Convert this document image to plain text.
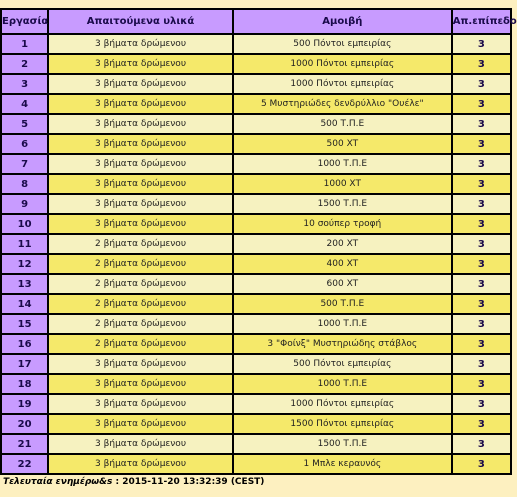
Εργασία	Απαιτούμενα υλικά	Αμοιβή	Απ.επίπεδο
1	3 βήματα δρώμενου	500 Πόντοι εμπειρίας	3
2	3 βήματα δρώμενου	1000 Πόντοι εμπειρίας	3
3	3 βήματα δρώμενου	1000 Πόντοι εμπειρίας	3
4	3 βήματα δρώμενου	5 Μυστηριώδες δενδρύλλιο "Ουέλε"	3
5	3 βήματα δρώμενου	500 Τ.Π.Ε	3
6	3 βήματα δρώμενου	500 XT	3
7	3 βήματα δρώμενου	1000 Τ.Π.Ε	3
8	3 βήματα δρώμενου	1000 XT	3
9	3 βήματα δρώμενου	1500 Τ.Π.Ε	3
10	3 βήματα δρώμενου	10 σούπερ τροφή	3
11	2 βήματα δρώμενου	200 XT	3
12	2 βήματα δρώμενου	400 XT	3
13	2 βήματα δρώμενου	600 XT	3
14	2 βήματα δρώμενου	500 Τ.Π.Ε	3
15	2 βήματα δρώμενου	1000 Τ.Π.Ε	3
16	2 βήματα δρώμενου	3 "Φοίνξ" Μυστηριώδης στάβλος	3
17	3 βήματα δρώμενου	500 Πόντοι εμπειρίας	3
18	3 βήματα δρώμενου	1000 Τ.Π.Ε	3
19	3 βήματα δρώμενου	1000 Πόντοι εμπειρίας	3
20	3 βήματα δρώμενου	1500 Πόντοι εμπειρίας	3
21	3 βήματα δρώμενου	1500 Τ.Π.Ε	3
22	3 βήματα δρώμενου	1 Μπλε κεραυνός	3
Τελευταία ενημέρω&s : 2015-11-20 13:32:39 (CEST)
